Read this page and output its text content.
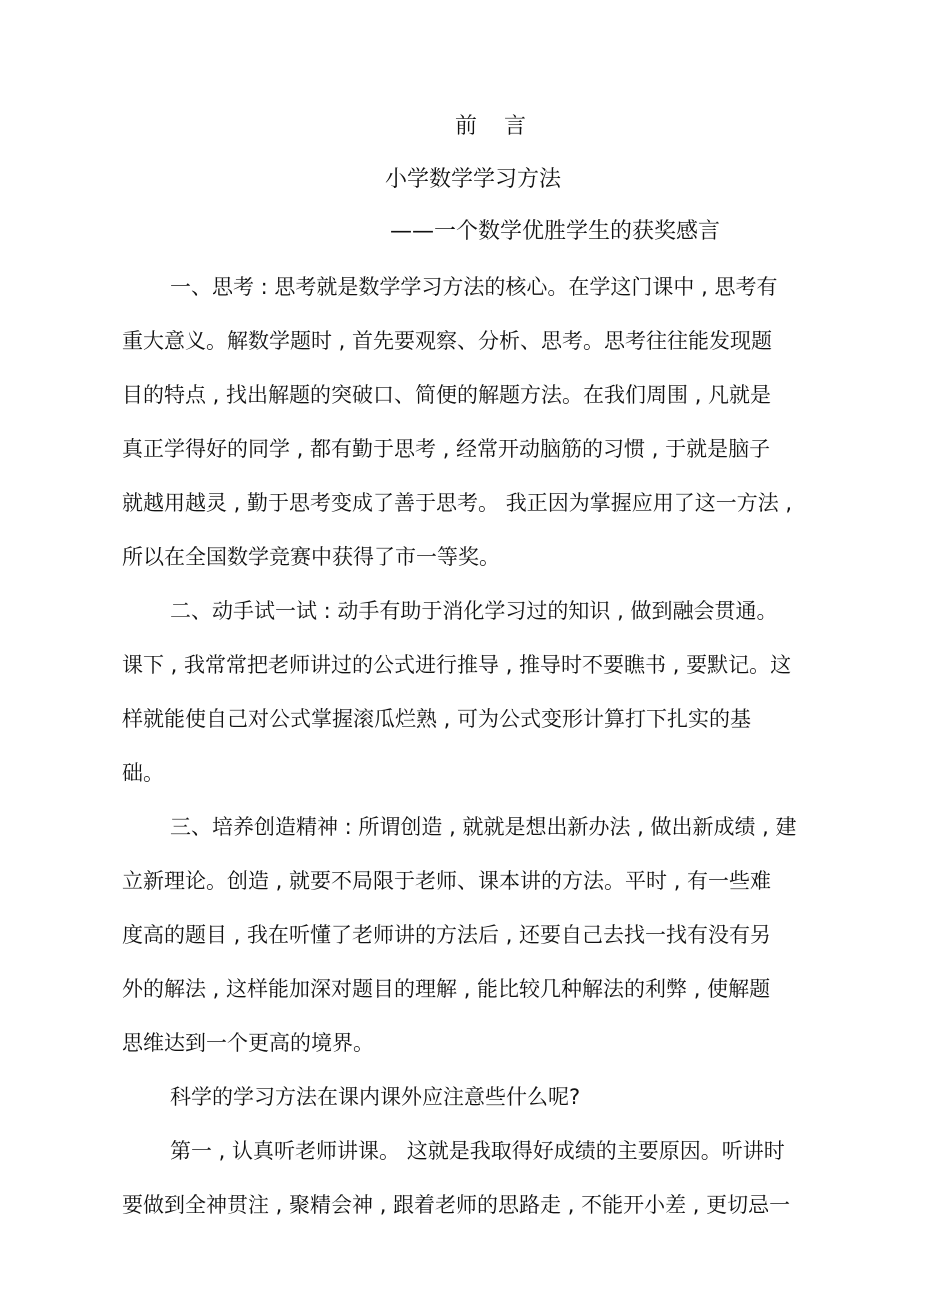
前 言
小学数学学习方法
——一个数学优胜学生的获奖感言
一、思考 : 思考就是数学学习方法的核心。在学这门课中 , 思考有
重大意义。解数学题时 , 首先要观察、分析、思考。思考往往能发现题
目的特点 , 找出解题的突破口、简便的解题方法。在我们周围 , 凡就是
真正学得好的同学 , 都有勤于思考 , 经常开动脑筋的习惯 , 于就是脑子
就越用越灵 , 勤于思考变成了善于思考。 我正因为掌握应用了这一方法 ,
所以在全国数学竞赛中获得了市一等奖。
二、动手试一试 : 动手有助于消化学习过的知识 , 做到融会贯通。
课下 , 我常常把老师讲过的公式进行推导 , 推导时不要瞧书 , 要默记。这
样就能使自己对公式掌握滚瓜烂熟 , 可为公式变形计算打下扎实的基
础。
三、培养创造精神 : 所谓创造 , 就就是想出新办法 , 做出新成绩 , 建
立新理论。创造 , 就要不局限于老师、课本讲的方法。平时 , 有一些难
度高的题目 , 我在听懂了老师讲的方法后 , 还要自己去找一找有没有另
外的解法 , 这样能加深对题目的理解 , 能比较几种解法的利弊 , 使解题
思维达到一个更高的境界。
科学的学习方法在课内课外应注意些什么呢?
第一 , 认真听老师讲课。 这就是我取得好成绩的主要原因。听讲时
要做到全神贯注 , 聚精会神 , 跟着老师的思路走 , 不能开小差 , 更切忌一
